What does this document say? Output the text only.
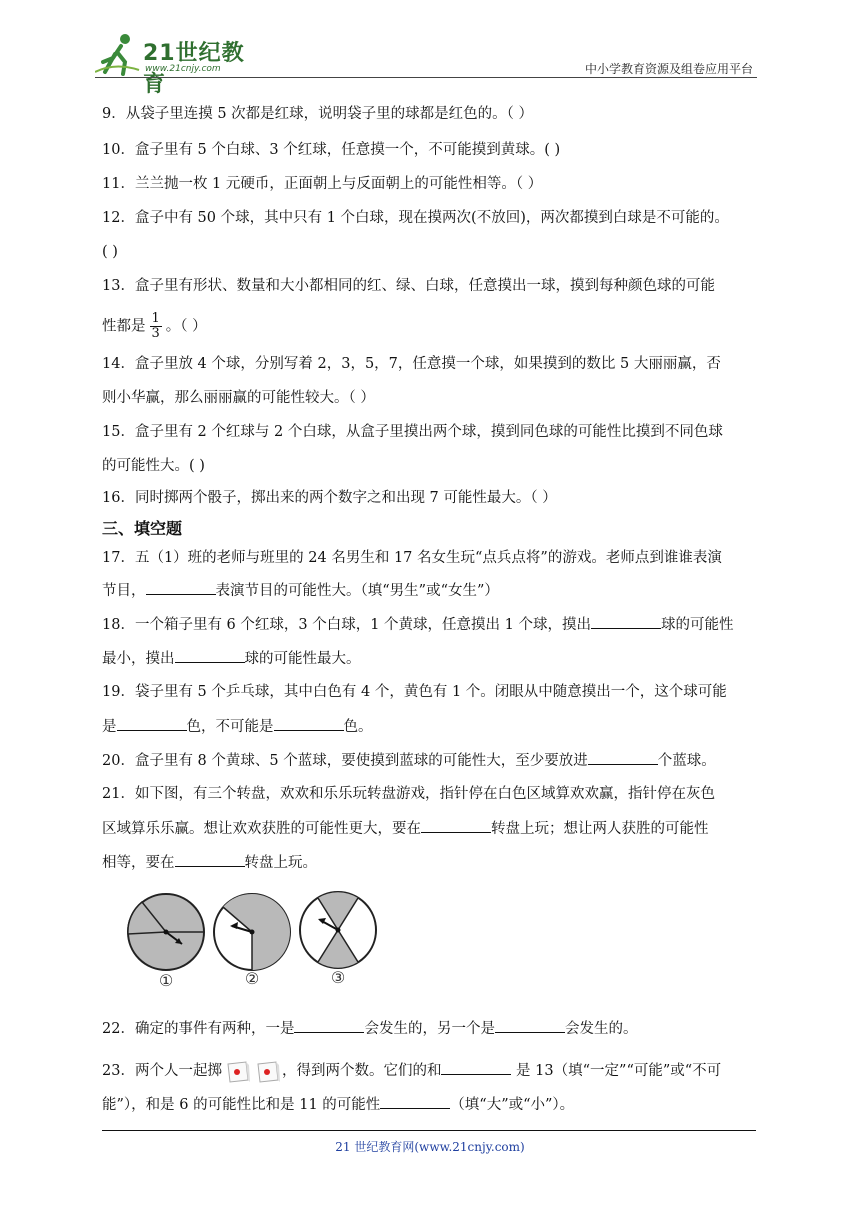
21世纪教育
www.21cnjy.com	中小学教育资源及组卷应用平台
9．从袋子里连摸 5 次都是红球，说明袋子里的球都是红色的。（ ）
10．盒子里有 5 个白球、3 个红球，任意摸一个，不可能摸到黄球。( )
11．兰兰抛一枚 1 元硬币，正面朝上与反面朝上的可能性相等。（ ）
12．盒子中有 50 个球，其中只有 1 个白球，现在摸两次(不放回)，两次都摸到白球是不可能的。
( )
13．盒子里有形状、数量和大小都相同的红、绿、白球，任意摸出一球，摸到每种颜色球的可能
性都是 $\frac{1}{3}$ 。（ ）
14．盒子里放 4 个球，分别写着 2，3，5，7，任意摸一个球，如果摸到的数比 5 大丽丽赢，否
则小华赢，那么丽丽赢的可能性较大。（ ）
15．盒子里有 2 个红球与 2 个白球，从盒子里摸出两个球，摸到同色球的可能性比摸到不同色球
的可能性大。( )
16．同时掷两个骰子，掷出来的两个数字之和出现 7 可能性最大。（ ）
三、填空题
17．五（1）班的老师与班里的 24 名男生和 17 名女生玩“点兵点将”的游戏。老师点到谁谁表演
节目，	表演节目的可能性大。（填“男生”或“女生”）
18．一个箱子里有 6 个红球，3 个白球，1 个黄球，任意摸出 1 个球，摸出	球的可能性
最小，摸出	球的可能性最大。
19．袋子里有 5 个乒乓球，其中白色有 4 个，黄色有 1 个。闭眼从中随意摸出一个，这个球可能
是	色，不可能是	色。
20．盒子里有 8 个黄球、5 个蓝球，要使摸到蓝球的可能性大，至少要放进	个蓝球。
21．如下图，有三个转盘，欢欢和乐乐玩转盘游戏，指针停在白色区域算欢欢赢，指针停在灰色
区域算乐乐赢。想让欢欢获胜的可能性更大，要在	转盘上玩；想让两人获胜的可能性
相等，要在	转盘上玩。
①	②	③
22．确定的事件有两种，一是	会发生的，另一个是	会发生的。
23．两个人一起掷	，得到两个数。它们的和	是 13（填“一定”“可能”或“不可
能”），和是 6 的可能性比和是 11 的可能性	（填“大”或“小”）。
21 世纪教育网(www.21cnjy.com)
